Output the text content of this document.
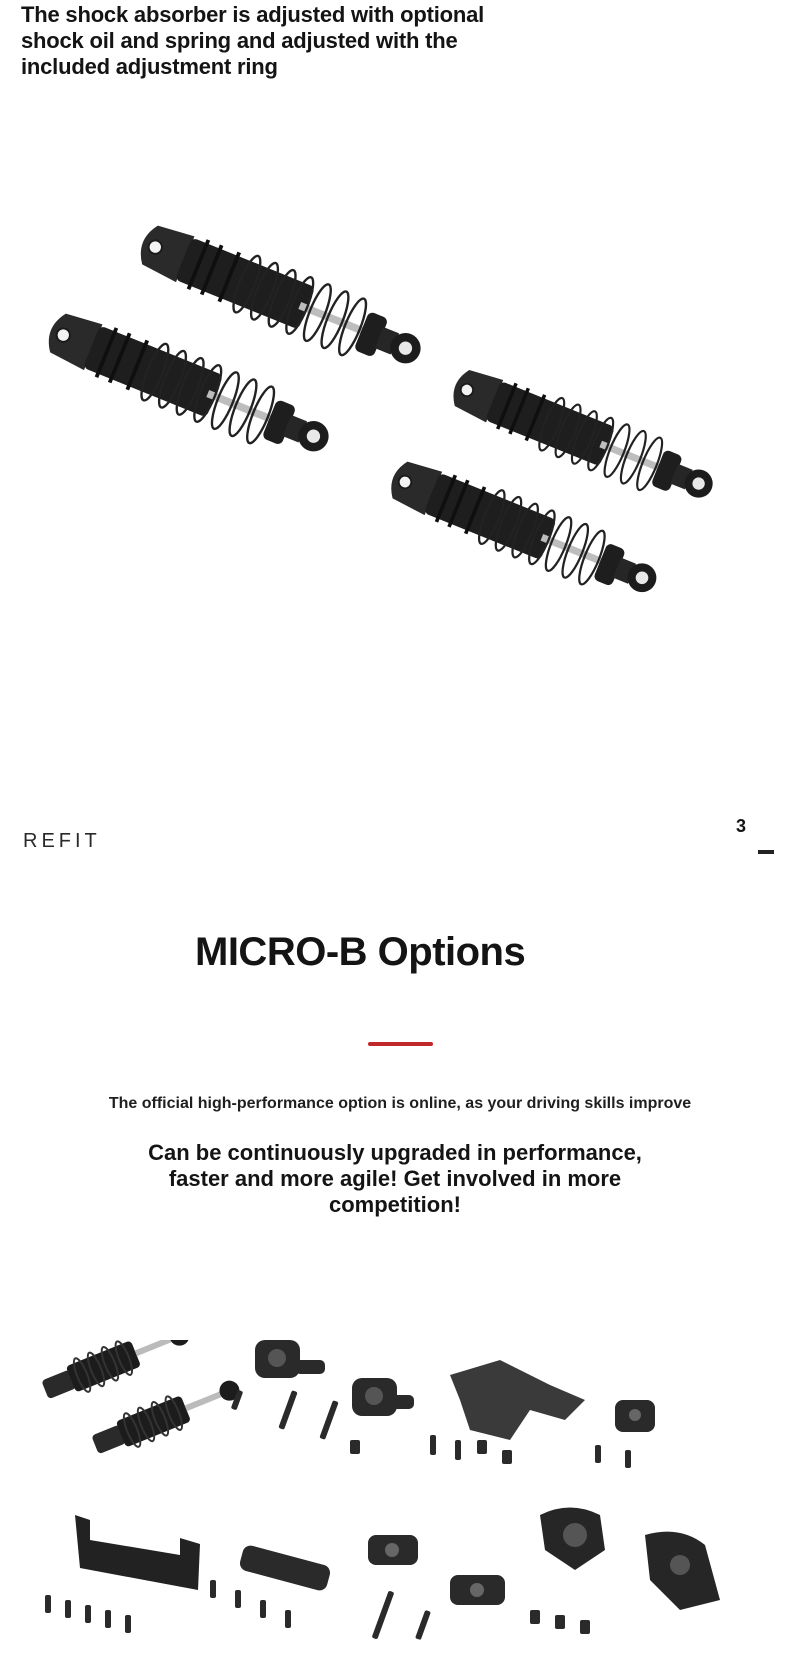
The shock absorber is adjusted with optional shock oil and spring and adjusted with the included adjustment ring

REFIT
3
MICRO-B Options
The official high-performance option is online, as your driving skills improve

Can be continuously upgraded in performance, faster and more agile! Get involved in more competition!
